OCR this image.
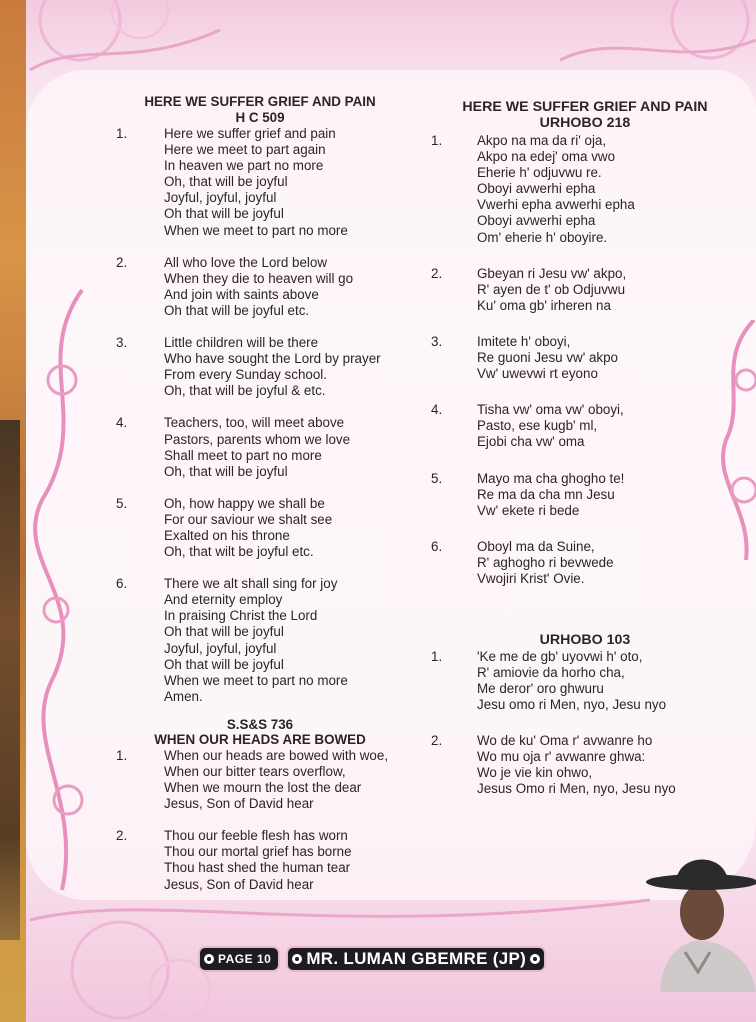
HERE WE SUFFER GRIEF AND PAIN
H C 509
1.	Here we suffer grief and pain
Here we meet to part again
In heaven we part no more
Oh, that will be joyful
Joyful, joyful, joyful
Oh that will be joyful
When we meet to part no more
2.	All who love the Lord below
When they die to heaven will go
And join with saints above
Oh that will be joyful etc.
3.	Little children will be there
Who have sought the Lord by prayer
From every Sunday school.
Oh, that will be joyful & etc.
4.	Teachers, too, will meet above
Pastors, parents whom we love
Shall meet to part no more
Oh, that will be joyful
5.	Oh, how happy we shall be
For our saviour we shalt see
Exalted on his throne
Oh, that wilt be joyful etc.
6.	There we alt shall sing for joy
And eternity employ
In praising Christ the Lord
Oh that will be joyful
Joyful, joyful, joyful
Oh that will be joyful
When we meet to part no more
Amen.
S.S&S 736
WHEN OUR HEADS ARE BOWED
1.	When our heads are bowed with woe,
When our bitter tears overflow,
When we mourn the lost the dear
Jesus, Son of David hear
2.	Thou our feeble flesh has worn
Thou our mortal grief has borne
Thou hast shed the human tear
Jesus, Son of David hear
HERE WE SUFFER GRIEF AND PAIN
URHOBO 218
1.	Akpo na ma da ri' oja,
Akpo na edej' oma vwo
Eherie h' odjuvwu re.
Oboyi avwerhi epha
Vwerhi epha avwerhi epha
Oboyi avwerhi epha
Om' eherie h' oboyire.
2.	Gbeyan ri Jesu vw' akpo,
R' ayen de t' ob Odjuvwu
Ku' oma gb' irheren na
3.	Imitete h' oboyi,
Re guoni Jesu vw' akpo
Vw' uwevwi rt eyono
4.	Tisha vw' oma vw' oboyi,
Pasto, ese kugb' ml,
Ejobi cha vw' oma
5.	Mayo ma cha ghogho te!
Re ma da cha mn Jesu
Vw' ekete ri bede
6.	Oboyl ma da Suine,
R' aghogho ri bevwede
Vwojiri Krist' Ovie.
URHOBO 103
1.	'Ke me de gb' uyovwi h' oto,
R' amiovie da horho cha,
Me deror' oro ghwuru
Jesu omo ri Men, nyo, Jesu nyo
2.	Wo de ku' Oma r' avwanre ho
Wo mu oja r' avwanre ghwa:
Wo je vie kin ohwo,
Jesus Omo ri Men, nyo, Jesu nyo
PAGE 10 MR. LUMAN GBEMRE (JP)
